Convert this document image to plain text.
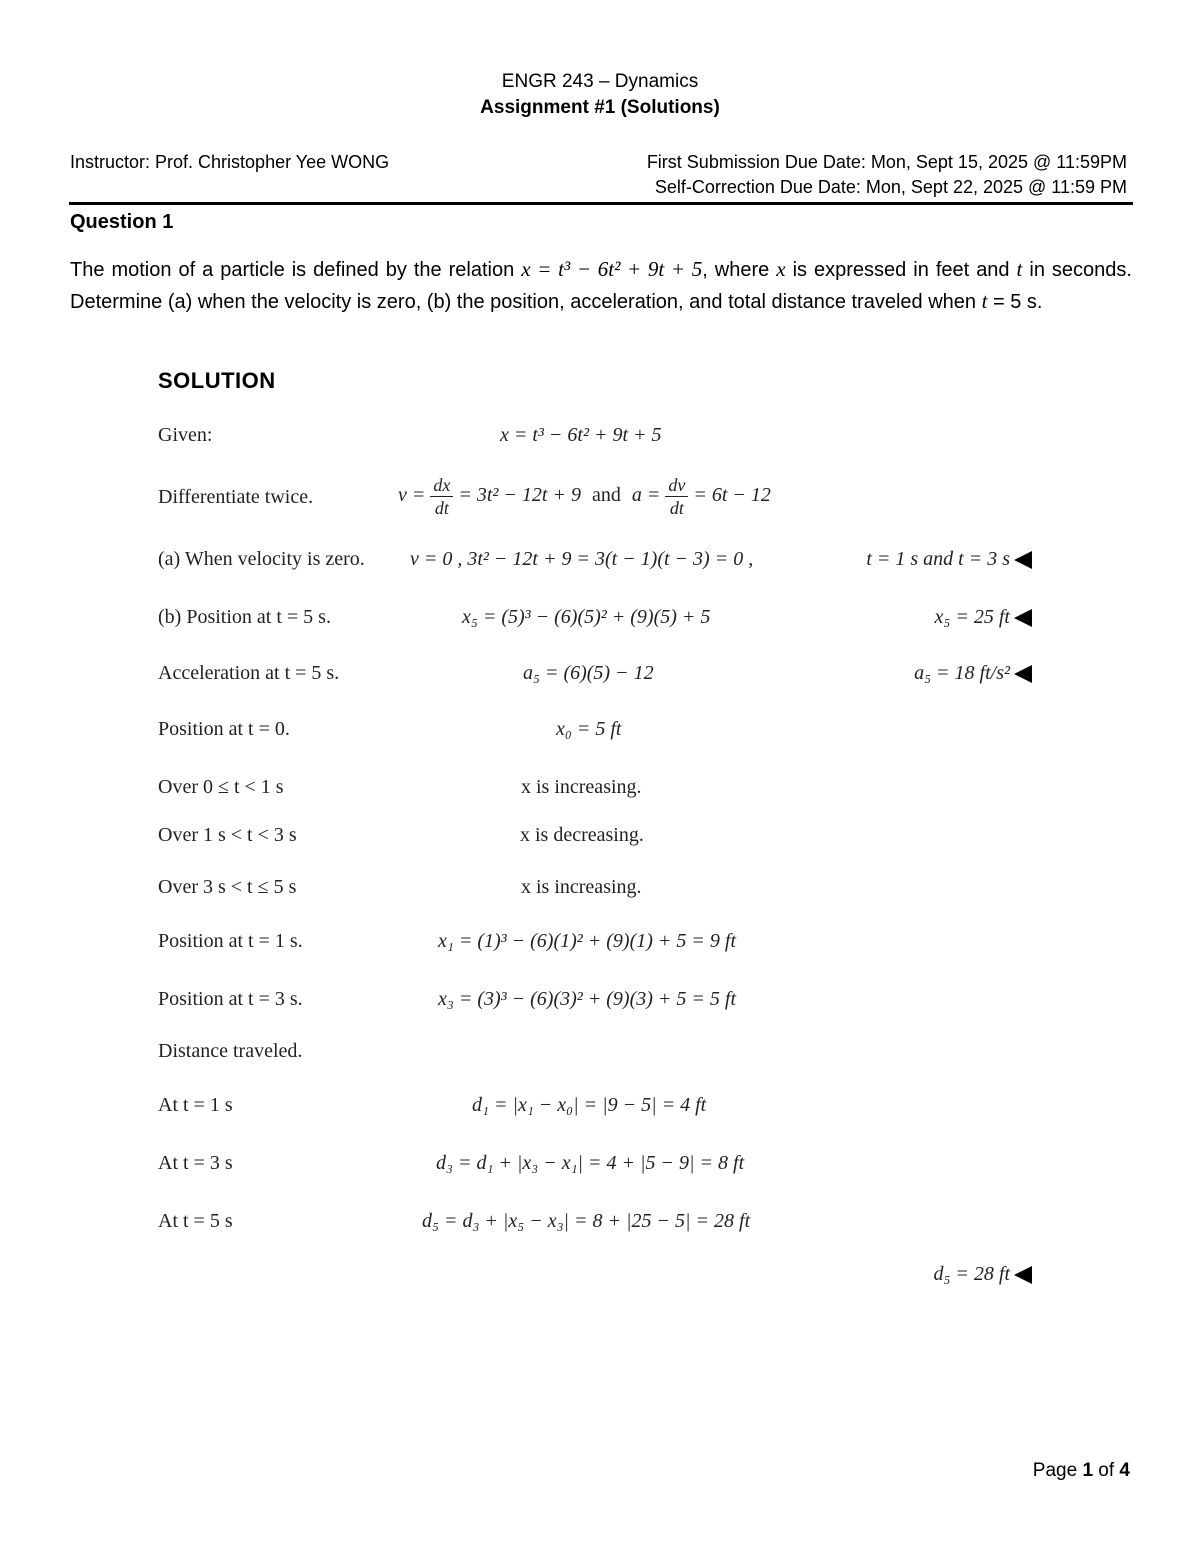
ENGR 243 – Dynamics
Assignment #1 (Solutions)
Instructor: Prof. Christopher Yee WONG	First Submission Due Date: Mon, Sept 15, 2025 @ 11:59PM
Self-Correction Due Date: Mon, Sept 22, 2025 @ 11:59 PM
Question 1
The motion of a particle is defined by the relation x = t³ − 6t² + 9t + 5, where x is expressed in feet and t in seconds. Determine (a) when the velocity is zero, (b) the position, acceleration, and total distance traveled when t = 5 s.
SOLUTION
Given:	x = t³ − 6t² + 9t + 5
Differentiate twice.	$v = \frac{dx}{dt} = 3t^2 - 12t + 9$ and $a = \frac{dv}{dt} = 6t - 12$
(a) When velocity is zero. v = 0 , 3t² − 12t + 9 = 3(t − 1)(t − 3) = 0 ,	t = 1 s and t = 3 s
(b) Position at t = 5 s.	x₅ = (5)³ − (6)(5)² + (9)(5) + 5	x₅ = 25 ft
Acceleration at t = 5 s.	a₅ = (6)(5) − 12	a₅ = 18 ft/s²
Position at t = 0.	x₀ = 5 ft
Over 0 ≤ t < 1 s	x is increasing.
Over 1 s < t < 3 s	x is decreasing.
Over 3 s < t ≤ 5 s	x is increasing.
Position at t = 1 s.	x₁ = (1)³ − (6)(1)² + (9)(1) + 5 = 9 ft
Position at t = 3 s.	x₃ = (3)³ − (6)(3)² + (9)(3) + 5 = 5 ft
Distance traveled.
At t = 1 s	d₁ = |x₁ − x₀| = |9 − 5| = 4 ft
At t = 3 s	d₃ = d₁ + |x₃ − x₁| = 4 + |5 − 9| = 8 ft
At t = 5 s	d₅ = d₃ + |x₅ − x₃| = 8 + |25 − 5| = 28 ft
d₅ = 28 ft
Page 1 of 4
